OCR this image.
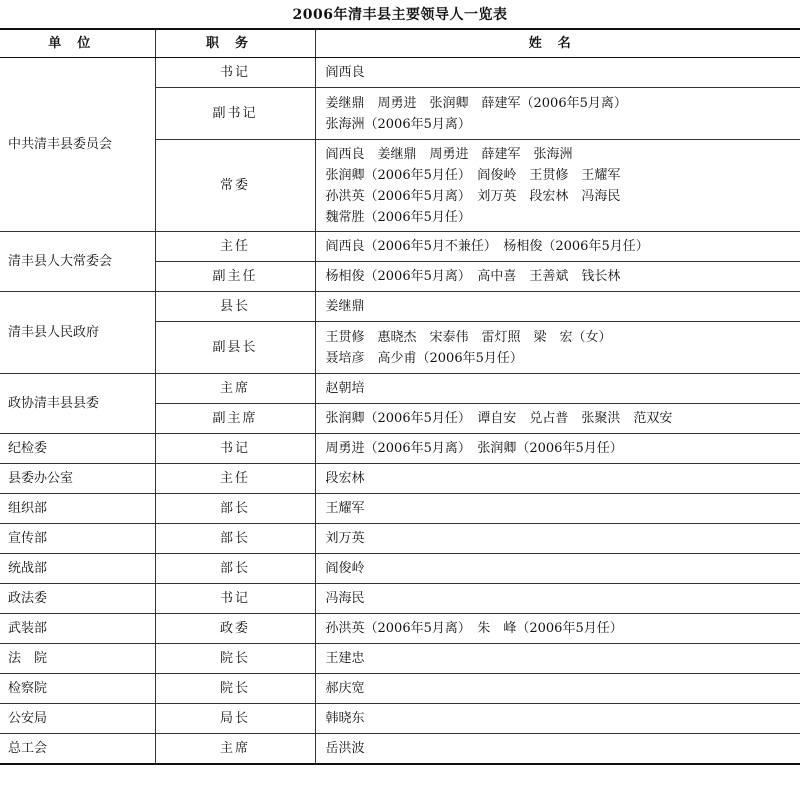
2006年清丰县主要领导人一览表
单位	职务	姓名
中共清丰县委员会	书记	阎西良

	副书记	姜继鼎　周勇进　张润卿　薛建军（2006年5月离）
张海洲（2006年5月离）

	常委	阎西良　姜继鼎　周勇进　薛建军　张海洲
张润卿（2006年5月任）　阎俊岭　王贯修　王耀军
孙洪英（2006年5月离）　刘万英　段宏林　冯海民
魏常胜（2006年5月任）

清丰县人大常委会	主任	阎西良（2006年5月不兼任）　杨相俊（2006年5月任）

	副主任	杨相俊（2006年5月离）　高中喜　王善斌　钱长林

清丰县人民政府	县长	姜继鼎

	副县长	王贯修　惠晓杰　宋泰伟　雷灯照　梁　宏（女）
聂培彦　高少甫（2006年5月任）

政协清丰县县委	主席	赵朝培

	副主席	张润卿（2006年5月任）　谭自安　兑占普　张聚洪　范双安

纪检委	书记	周勇进（2006年5月离）　张润卿（2006年5月任）

县委办公室	主任	段宏林

组织部	部长	王耀军

宣传部	部长	刘万英

统战部	部长	阎俊岭

政法委	书记	冯海民

武装部	政委	孙洪英（2006年5月离）　朱　峰（2006年5月任）

法　院	院长	王建忠

检察院	院长	郝庆宽

公安局	局长	韩晓东

总工会	主席	岳洪波
